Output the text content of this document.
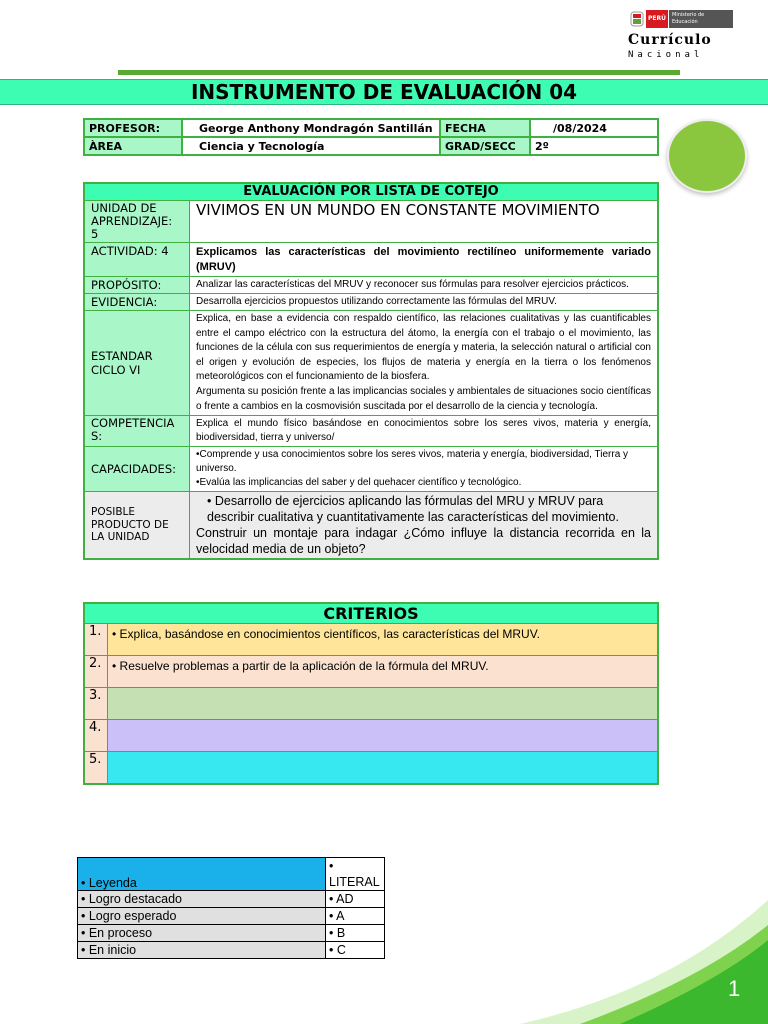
PERÚ	Ministerio de Educación
Currículo
Nacional
INSTRUMENTO DE EVALUACIÓN 04
PROFESOR:	George Anthony Mondragón Santillán	FECHA	/08/2024
ÀREA	Ciencia y Tecnología	GRAD/SECC	2º
EVALUACIÓN POR LISTA DE COTEJO	
UNIDAD DE APRENDIZAJE: 5	VIVIMOS EN UN MUNDO EN CONSTANTE MOVIMIENTO
ACTIVIDAD: 4	Explicamos las características del movimiento rectilíneo uniformemente variado (MRUV)
PROPÓSITO:	Analizar las características del MRUV y reconocer sus fórmulas para resolver ejercicios prácticos.
EVIDENCIA:	Desarrolla ejercicios propuestos utilizando correctamente las fórmulas del MRUV.
ESTANDAR CICLO VI	Explica, en base a evidencia con respaldo científico, las relaciones cualitativas y las cuantificables entre el campo eléctrico con la estructura del átomo, la energía con el trabajo o el movimiento, las funciones de la célula con sus requerimientos de energía y materia, la selección natural o artificial con el origen y evolución de especies, los flujos de materia y energía en la tierra o los fenómenos meteorológicos con el funcionamiento de la biosfera.
Argumenta su posición frente a las implicancias sociales y ambientales de situaciones socio científicas o frente a cambios en la cosmovisión suscitada por el desarrollo de la ciencia y tecnología.

COMPETENCIAS:	Explica el mundo físico basándose en conocimientos sobre los seres vivos, materia y energía, biodiversidad, tierra y universo/
CAPACIDADES:	•Comprende y usa conocimientos sobre los seres vivos, materia y energía, biodiversidad, Tierra y universo.
•Evalúa las implicancias del saber y del quehacer científico y tecnológico.

POSIBLE PRODUCTO DE LA UNIDAD	• Desarrollo de ejercicios aplicando las fórmulas del MRU y MRUV para describir cualitativa y cuantitativamente las características del movimiento.
Construir un montaje para indagar ¿Cómo influye la distancia recorrida en la velocidad media de un objeto?
CRITERIOS	
1.	• Explica, basándose en conocimientos científicos, las características del MRUV.
2.	• Resuelve problemas a partir de la aplicación de la fórmula del MRUV.
3.	
4.	
5.	
• Leyenda	• LITERAL
• Logro destacado	• AD
• Logro esperado	• A
• En proceso	• B
• En inicio	• C
1
